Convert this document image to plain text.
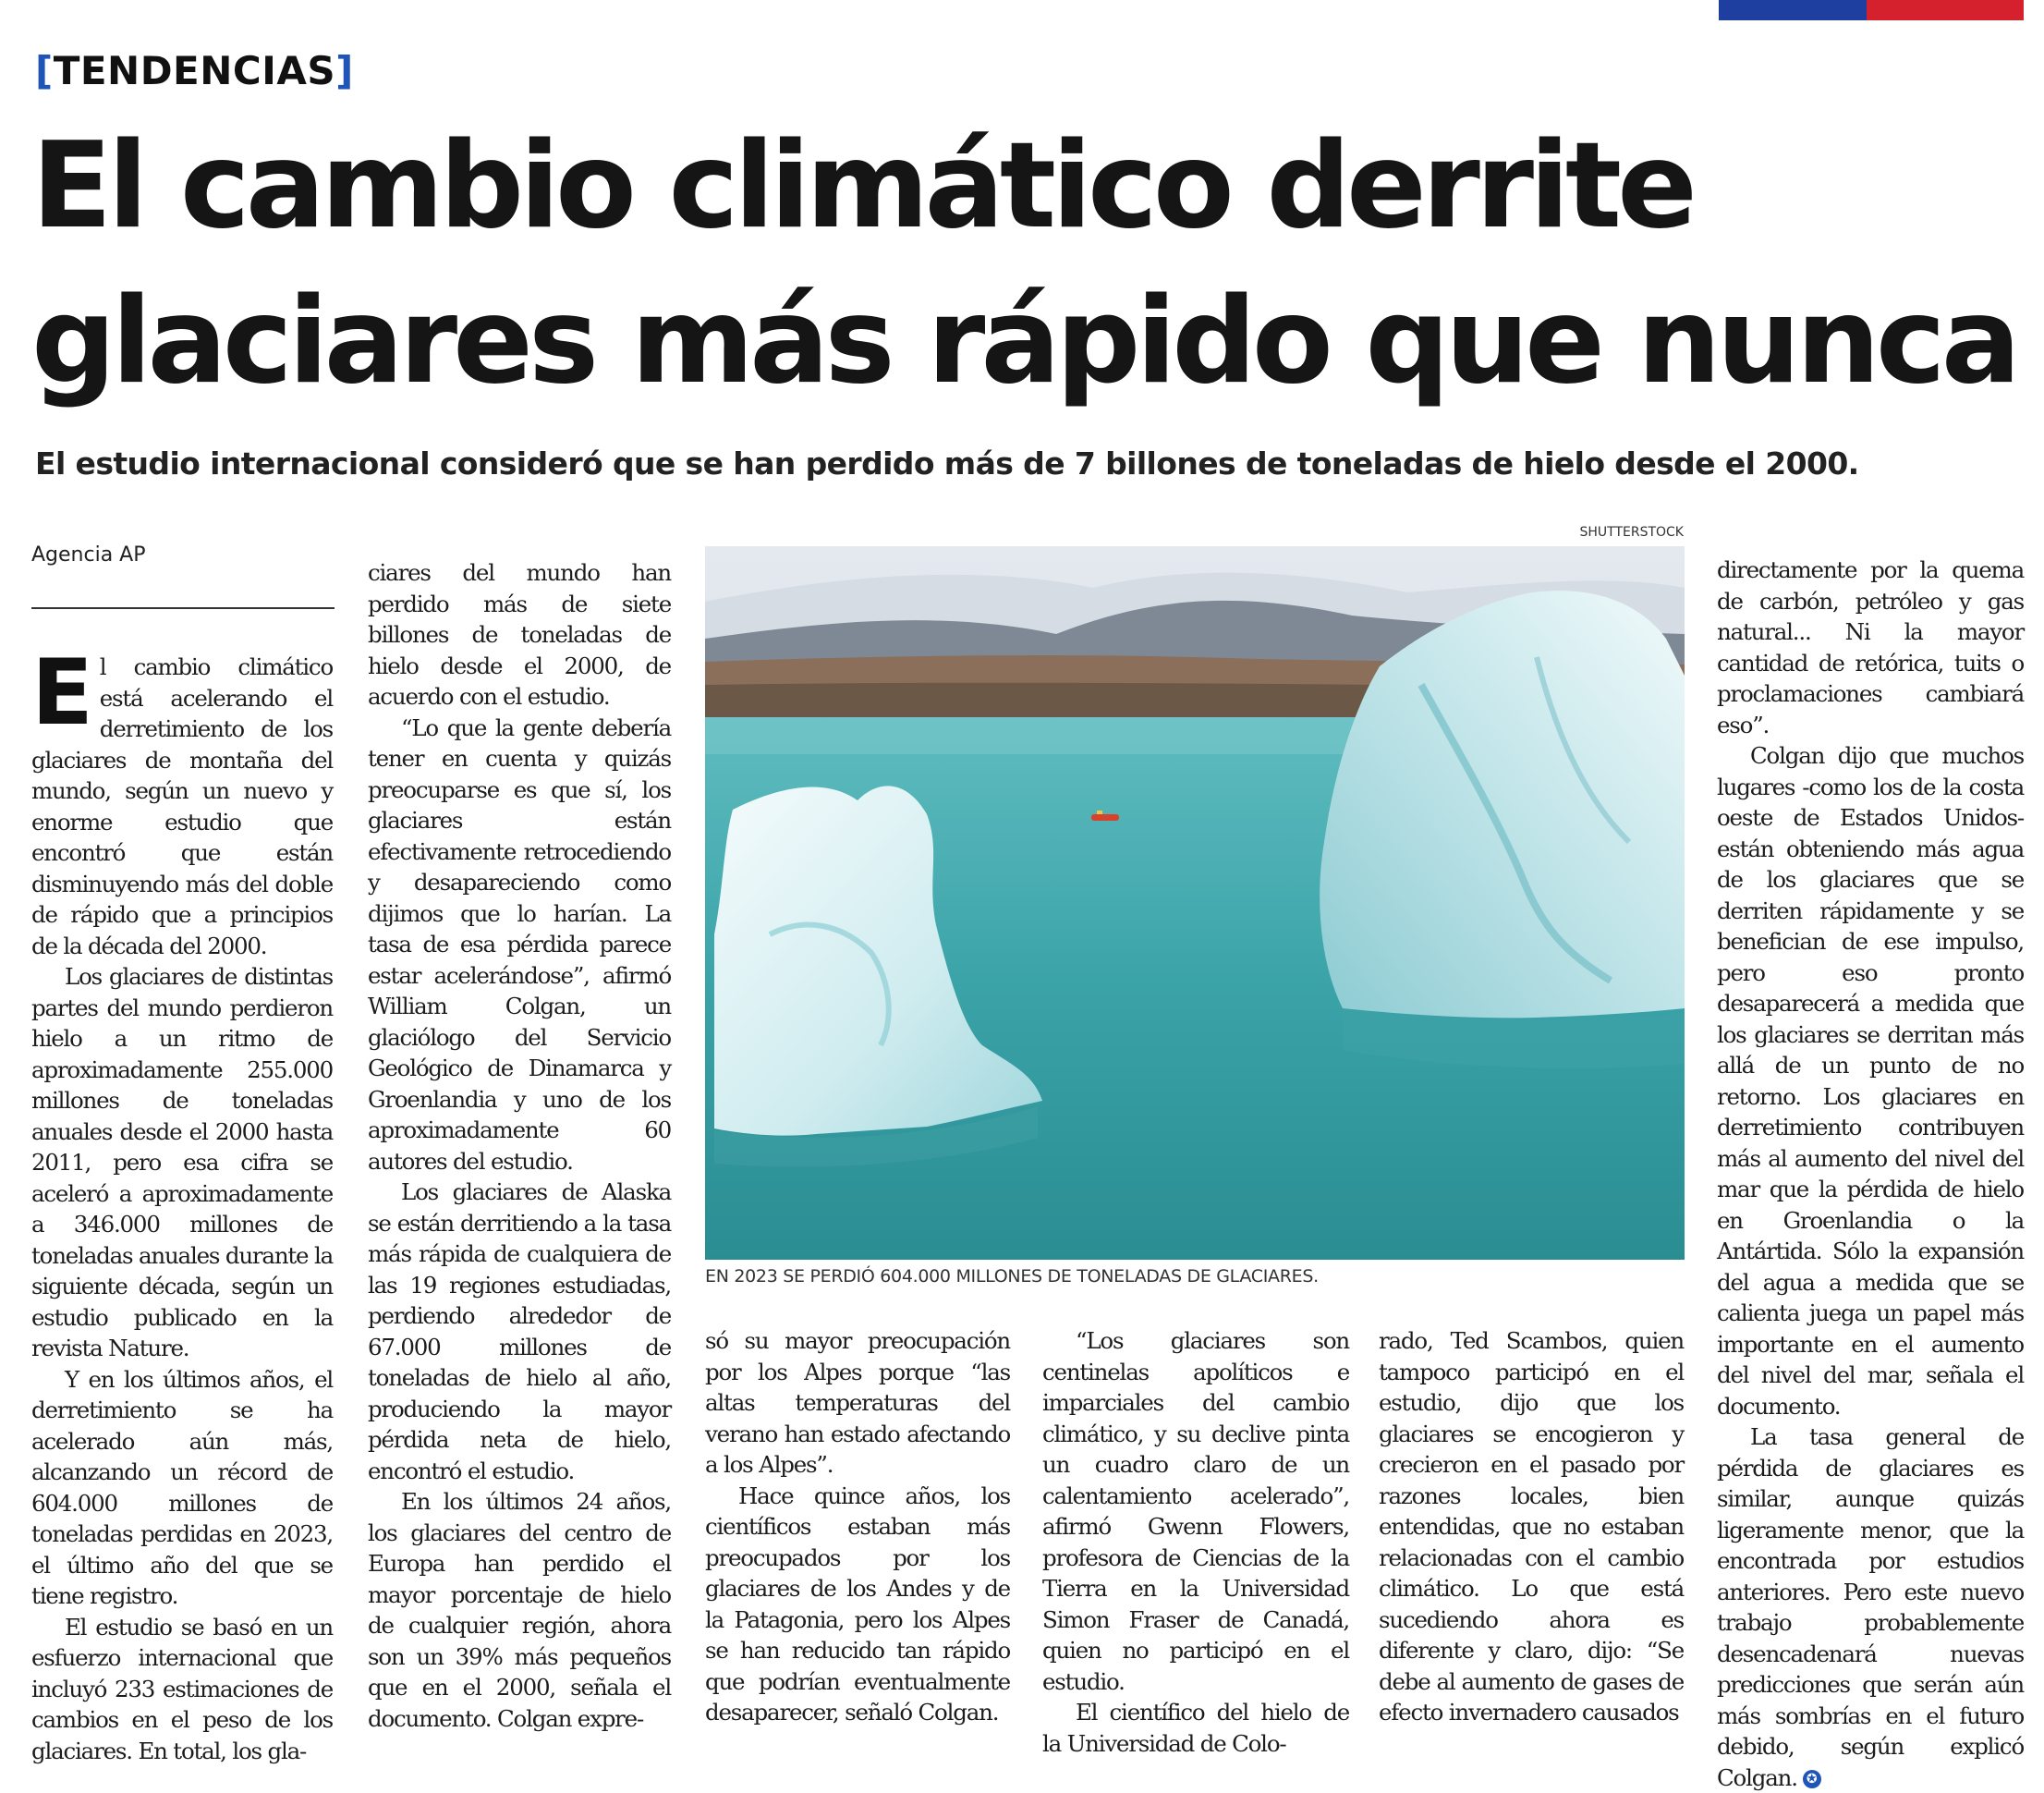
[TENDENCIAS]
El cambio climático derrite glaciares más rápido que nunca

El estudio internacional consideró que se han perdido más de 7 billones de toneladas de hielo desde el 2000.

Agencia AP

El cambio climático está acelerando el derretimiento de los glaciares de montaña del mundo, según un nuevo y enorme estudio que encontró que están disminuyendo más del doble de rápido que a principios de la década del 2000.

Los glaciares de distintas partes del mundo perdieron hielo a un ritmo de aproximadamente 255.000 millones de toneladas anuales desde el 2000 hasta 2011, pero esa cifra se aceleró a aproximadamente a 346.000 millones de toneladas anuales durante la siguiente década, según un estudio publicado en la revista Nature.

Y en los últimos años, el derretimiento se ha acelerado aún más, alcanzando un récord de 604.000 millones de toneladas perdidas en 2023, el último año del que se tiene registro.

El estudio se basó en un esfuerzo internacional que incluyó 233 estimaciones de cambios en el peso de los glaciares. En total, los gla-

ciares del mundo han perdido más de siete billones de toneladas de hielo desde el 2000, de acuerdo con el estudio.

“Lo que la gente debería tener en cuenta y quizás preocuparse es que sí, los glaciares están efectivamente retrocediendo y desapareciendo como dijimos que lo harían. La tasa de esa pérdida parece estar acelerándose”, afirmó William Colgan, un glaciólogo del Servicio Geológico de Dinamarca y Groenlandia y uno de los aproximadamente 60 autores del estudio.

Los glaciares de Alaska se están derritiendo a la tasa más rápida de cualquiera de las 19 regiones estudiadas, perdiendo alrededor de 67.000 millones de toneladas de hielo al año, produciendo la mayor pérdida neta de hielo, encontró el estudio.

En los últimos 24 años, los glaciares del centro de Europa han perdido el mayor porcentaje de hielo de cualquier región, ahora son un 39% más pequeños que en el 2000, señala el documento. Colgan expre-

SHUTTERSTOCK
EN 2023 SE PERDIÓ 604.000 MILLONES DE TONELADAS DE GLACIARES.

só su mayor preocupación por los Alpes porque “las altas temperaturas del verano han estado afectando a los Alpes”.

Hace quince años, los científicos estaban más preocupados por los glaciares de los Andes y de la Patagonia, pero los Alpes se han reducido tan rápido que podrían eventualmente desaparecer, señaló Colgan.

“Los glaciares son centinelas apolíticos e imparciales del cambio climático, y su declive pinta un cuadro claro de un calentamiento acelerado”, afirmó Gwenn Flowers, profesora de Ciencias de la Tierra en la Universidad Simon Fraser de Canadá, quien no participó en el estudio.

El científico del hielo de la Universidad de Colo-

rado, Ted Scambos, quien tampoco participó en el estudio, dijo que los glaciares se encogieron y crecieron en el pasado por razones locales, bien entendidas, que no estaban relacionadas con el cambio climático. Lo que está sucediendo ahora es diferente y claro, dijo: “Se debe al aumento de gases de efecto invernadero causados

directamente por la quema de carbón, petróleo y gas natural... Ni la mayor cantidad de retórica, tuits o proclamaciones cambiará eso”.

Colgan dijo que muchos lugares -como los de la costa oeste de Estados Unidos- están obteniendo más agua de los glaciares que se derriten rápidamente y se benefician de ese impulso, pero eso pronto desaparecerá a medida que los glaciares se derritan más allá de un punto de no retorno. Los glaciares en derretimiento contribuyen más al aumento del nivel del mar que la pérdida de hielo en Groenlandia o la Antártida. Sólo la expansión del agua a medida que se calienta juega un papel más importante en el aumento del nivel del mar, señala el documento.

La tasa general de pérdida de glaciares es similar, aunque quizás ligeramente menor, que la encontrada por estudios anteriores. Pero este nuevo trabajo probablemente desencadenará nuevas predicciones que serán aún más sombrías en el futuro debido, según explicó Colgan. ✪
